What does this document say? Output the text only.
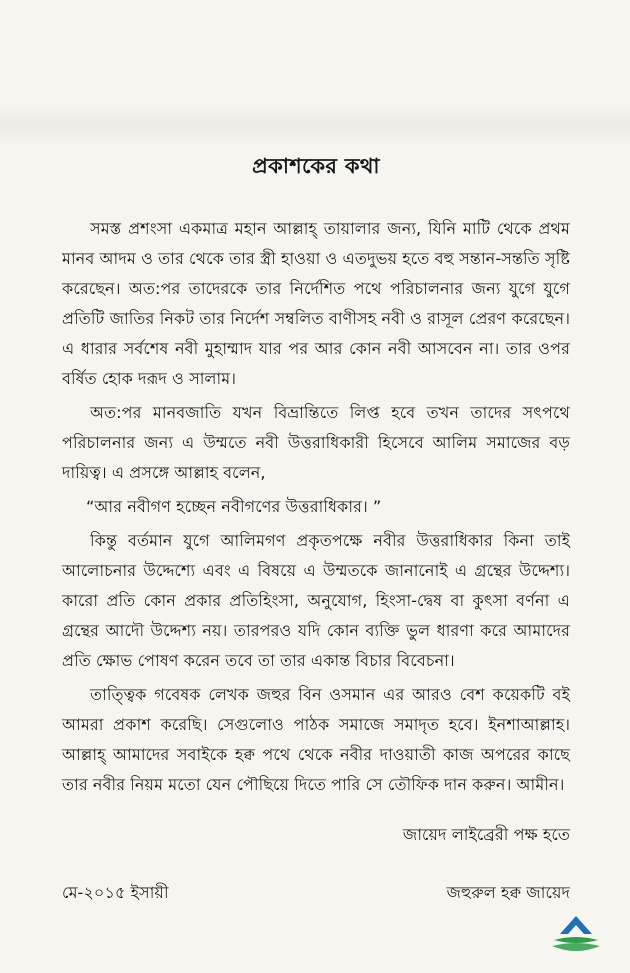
প্রকাশকের কথা

সমস্ত প্রশংসা একমাত্র মহান আল্লাহ্‌ তায়ালার জন্য, যিনি মাটি থেকে প্রথম মানব আদম ও তার থেকে তার স্ত্রী হাওয়া ও এতদুভয় হতে বহু সন্তান-সন্ততি সৃষ্টি করেছেন। অত:পর তাদেরকে তার নির্দেশিত পথে পরিচালনার জন্য যুগে যুগে প্রতিটি জাতির নিকট তার নির্দেশ সম্বলিত বাণীসহ নবী ও রাসূল প্রেরণ করেছেন। এ ধারার সর্বশেষ নবী মুহাম্মাদ যার পর আর কোন নবী আসবেন না। তার ওপর বর্ষিত হোক দরূদ ও সালাম।

অত:পর মানবজাতি যখন বিভ্রান্তিতে লিপ্ত হবে তখন তাদের সৎপথে পরিচালনার জন্য এ উম্মতে নবী উত্তরাধিকারী হিসেবে আলিম সমাজের বড় দায়িত্ব। এ প্রসঙ্গে আল্লাহ বলেন,

“আর নবীগণ হচ্ছেন নবীগণের উত্তরাধিকার। ”

কিন্তু বর্তমান যুগে আলিমগণ প্রকৃতপক্ষে নবীর উত্তরাধিকার কিনা তাই আলোচনার উদ্দেশ্যে এবং এ বিষয়ে এ উম্মতকে জানানোই এ গ্রন্থের উদ্দেশ্য। কারো প্রতি কোন প্রকার প্রতিহিংসা, অনুযোগ, হিংসা-দ্বেষ বা কুৎসা বর্ণনা এ গ্রন্থের আদৌ উদ্দেশ্য নয়। তারপরও যদি কোন ব্যক্তি ভুল ধারণা করে আমাদের প্রতি ক্ষোভ পোষণ করেন তবে তা তার একান্ত বিচার বিবেচনা।

তাত্ত্বিক গবেষক লেখক জহুর বিন ওসমান এর আরও বেশ কয়েকটি বই আমরা প্রকাশ করেছি। সেগুলোও পাঠক সমাজে সমাদৃত হবে। ইনশাআল্লাহ। আল্লাহ্‌ আমাদের সবাইকে হক্ব পথে থেকে নবীর দাওয়াতী কাজ অপরের কাছে তার নবীর নিয়ম মতো যেন পৌছিয়ে দিতে পারি সে তৌফিক দান করুন। আমীন।

জায়েদ লাইব্রেরী পক্ষ হতে
মে-২০১৫ ইসায়ী	জহুরুল হক্ব জায়েদ
